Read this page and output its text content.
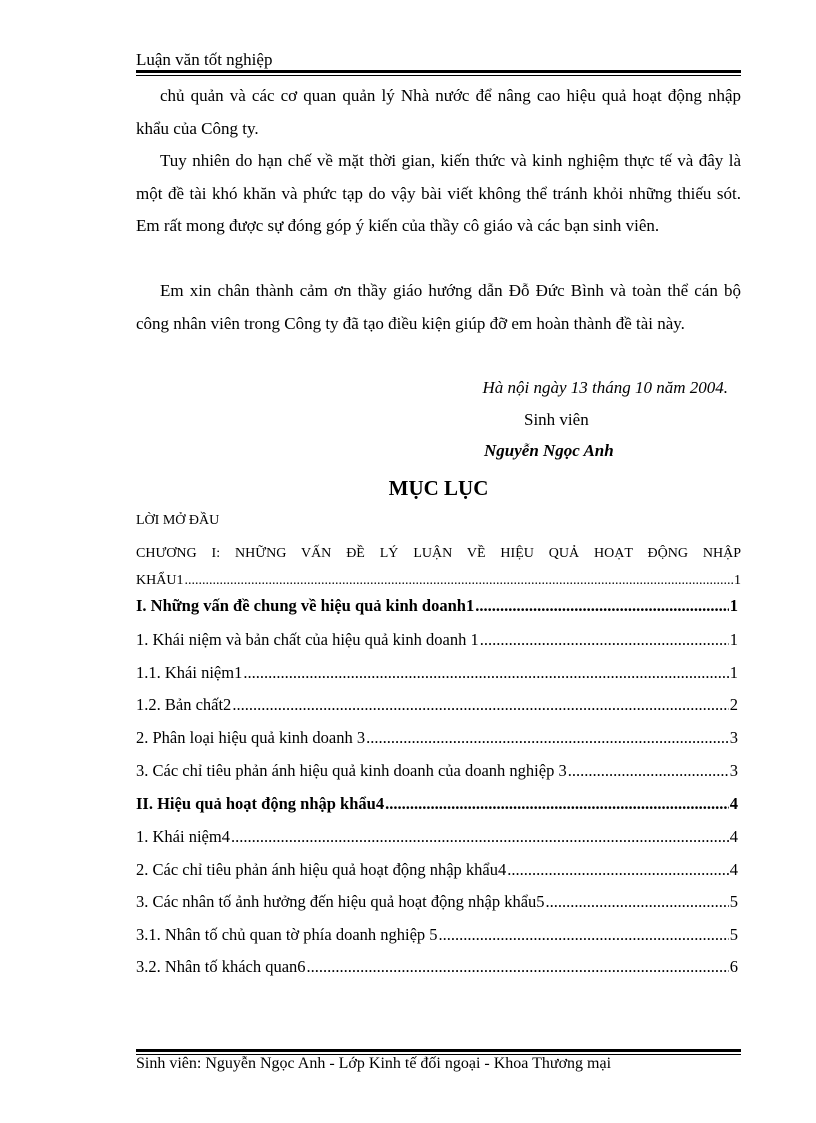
Luận văn tốt nghiệp

chủ quản và các cơ quan quản lý Nhà nước để nâng cao hiệu quả hoạt động nhập khẩu của Công ty.

Tuy nhiên do hạn chế về mặt thời gian, kiến thức và kinh nghiệm thực tế và đây là một đề tài khó khăn và phức tạp do vậy bài viết không thể tránh khỏi những thiếu sót. Em rất mong được sự đóng góp ý kiến của thầy cô giáo và các bạn sinh viên.

Em xin chân thành cảm ơn thầy giáo hướng dẫn Đỗ Đức Bình và toàn thể cán bộ công nhân viên trong Công ty đã tạo điều kiện giúp đỡ em hoàn thành đề tài này.

Hà nội ngày 13 tháng 10 năm 2004.
Sinh viên
Nguyễn Ngọc Anh
MỤC LỤC
LỜI MỞ ĐẦU
CHƯƠNG I: NHỮNG VẤN ĐỀ LÝ LUẬN VỀ HIỆU QUẢ HOẠT ĐỘNG NHẬP
KHẨU1 .....	1
I. Những vấn đề chung về hiệu quả kinh doanh1 .....	1
1. Khái niệm và bản chất của hiệu quả kinh doanh 1 .....	1
1.1. Khái niệm1 .....	1
1.2. Bản chất2 .....	2
2. Phân loại hiệu quả kinh doanh 3 .....	3
3. Các chỉ tiêu phản ánh hiệu quả kinh doanh của doanh nghiệp 3 .....	3
II. Hiệu quả hoạt động nhập khẩu4 .....	4
1. Khái niệm4 .....	4
2. Các chỉ tiêu phản ánh hiệu quả hoạt động nhập khẩu4 .....	4
3. Các nhân tố ảnh hưởng đến hiệu quả hoạt động nhập khẩu5 .....	5
3.1. Nhân tố chủ quan tờ phía doanh nghiệp 5 .....	5
3.2. Nhân tố khách quan6 .....	6
Sinh viên: Nguyễn Ngọc Anh - Lớp Kinh tế đối ngoại - Khoa Thương mại
